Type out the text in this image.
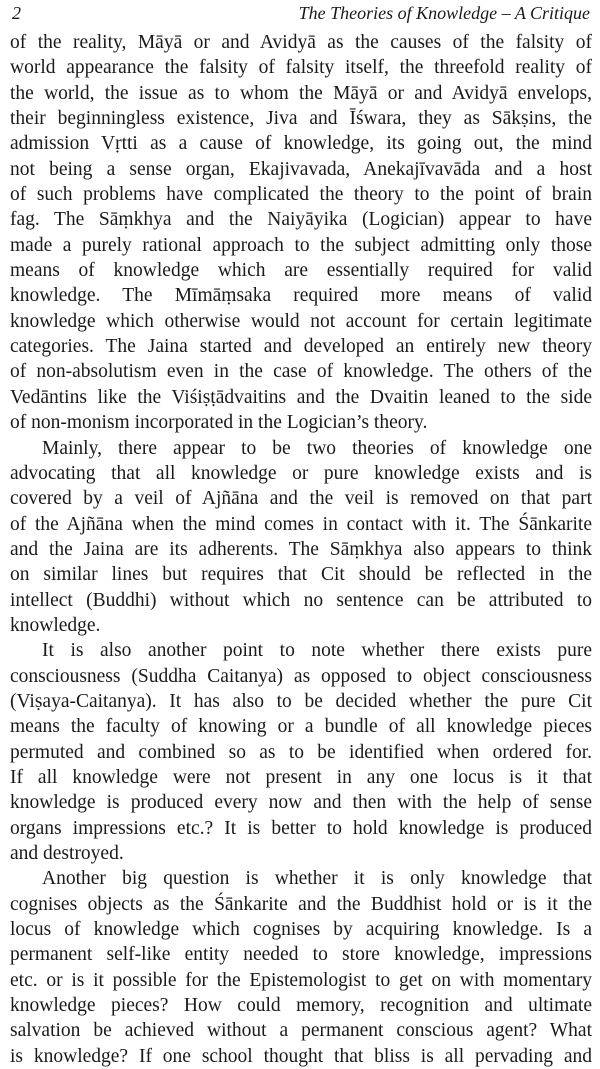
2	The Theories of Knowledge – A Critique
of the reality, Māyā or and Avidyā as the causes of the falsity of
world appearance the falsity of falsity itself, the threefold reality of
the world, the issue as to whom the Māyā or and Avidyā envelops,
their beginningless existence, Jiva and Īśwara, they as Sākṣins, the
admission Vṛtti as a cause of knowledge, its going out, the mind
not being a sense organ, Ekajivavada, Anekajīvavāda and a host
of such problems have complicated the theory to the point of brain
fag. The Sāṃkhya and the Naiyāyika (Logician) appear to have
made a purely rational approach to the subject admitting only those
means of knowledge which are essentially required for valid
knowledge. The Mīmāṃsaka required more means of valid
knowledge which otherwise would not account for certain legitimate
categories. The Jaina started and developed an entirely new theory
of non-absolutism even in the case of knowledge. The others of the
Vedāntins like the Viśiṣṭādvaitins and the Dvaitin leaned to the side
of non-monism incorporated in the Logician’s theory.
Mainly, there appear to be two theories of knowledge one
advocating that all knowledge or pure knowledge exists and is
covered by a veil of Ajñāna and the veil is removed on that part
of the Ajñāna when the mind comes in contact with it. The Śānkarite
and the Jaina are its adherents. The Sāṃkhya also appears to think
on similar lines but requires that Cit should be reflected in the
intellect (Buddhi) without which no sentence can be attributed to
knowledge.
It is also another point to note whether there exists pure
consciousness (Suddha Caitanya) as opposed to object consciousness
(Viṣaya-Caitanya). It has also to be decided whether the pure Cit
means the faculty of knowing or a bundle of all knowledge pieces
permuted and combined so as to be identified when ordered for.
If all knowledge were not present in any one locus is it that
knowledge is produced every now and then with the help of sense
organs impressions etc.? It is better to hold knowledge is produced
and destroyed.
Another big question is whether it is only knowledge that
cognises objects as the Śānkarite and the Buddhist hold or is it the
locus of knowledge which cognises by acquiring knowledge. Is a
permanent self-like entity needed to store knowledge, impressions
etc. or is it possible for the Epistemologist to get on with momentary
knowledge pieces? How could memory, recognition and ultimate
salvation be achieved without a permanent conscious agent? What
is knowledge? If one school thought that bliss is all pervading and
